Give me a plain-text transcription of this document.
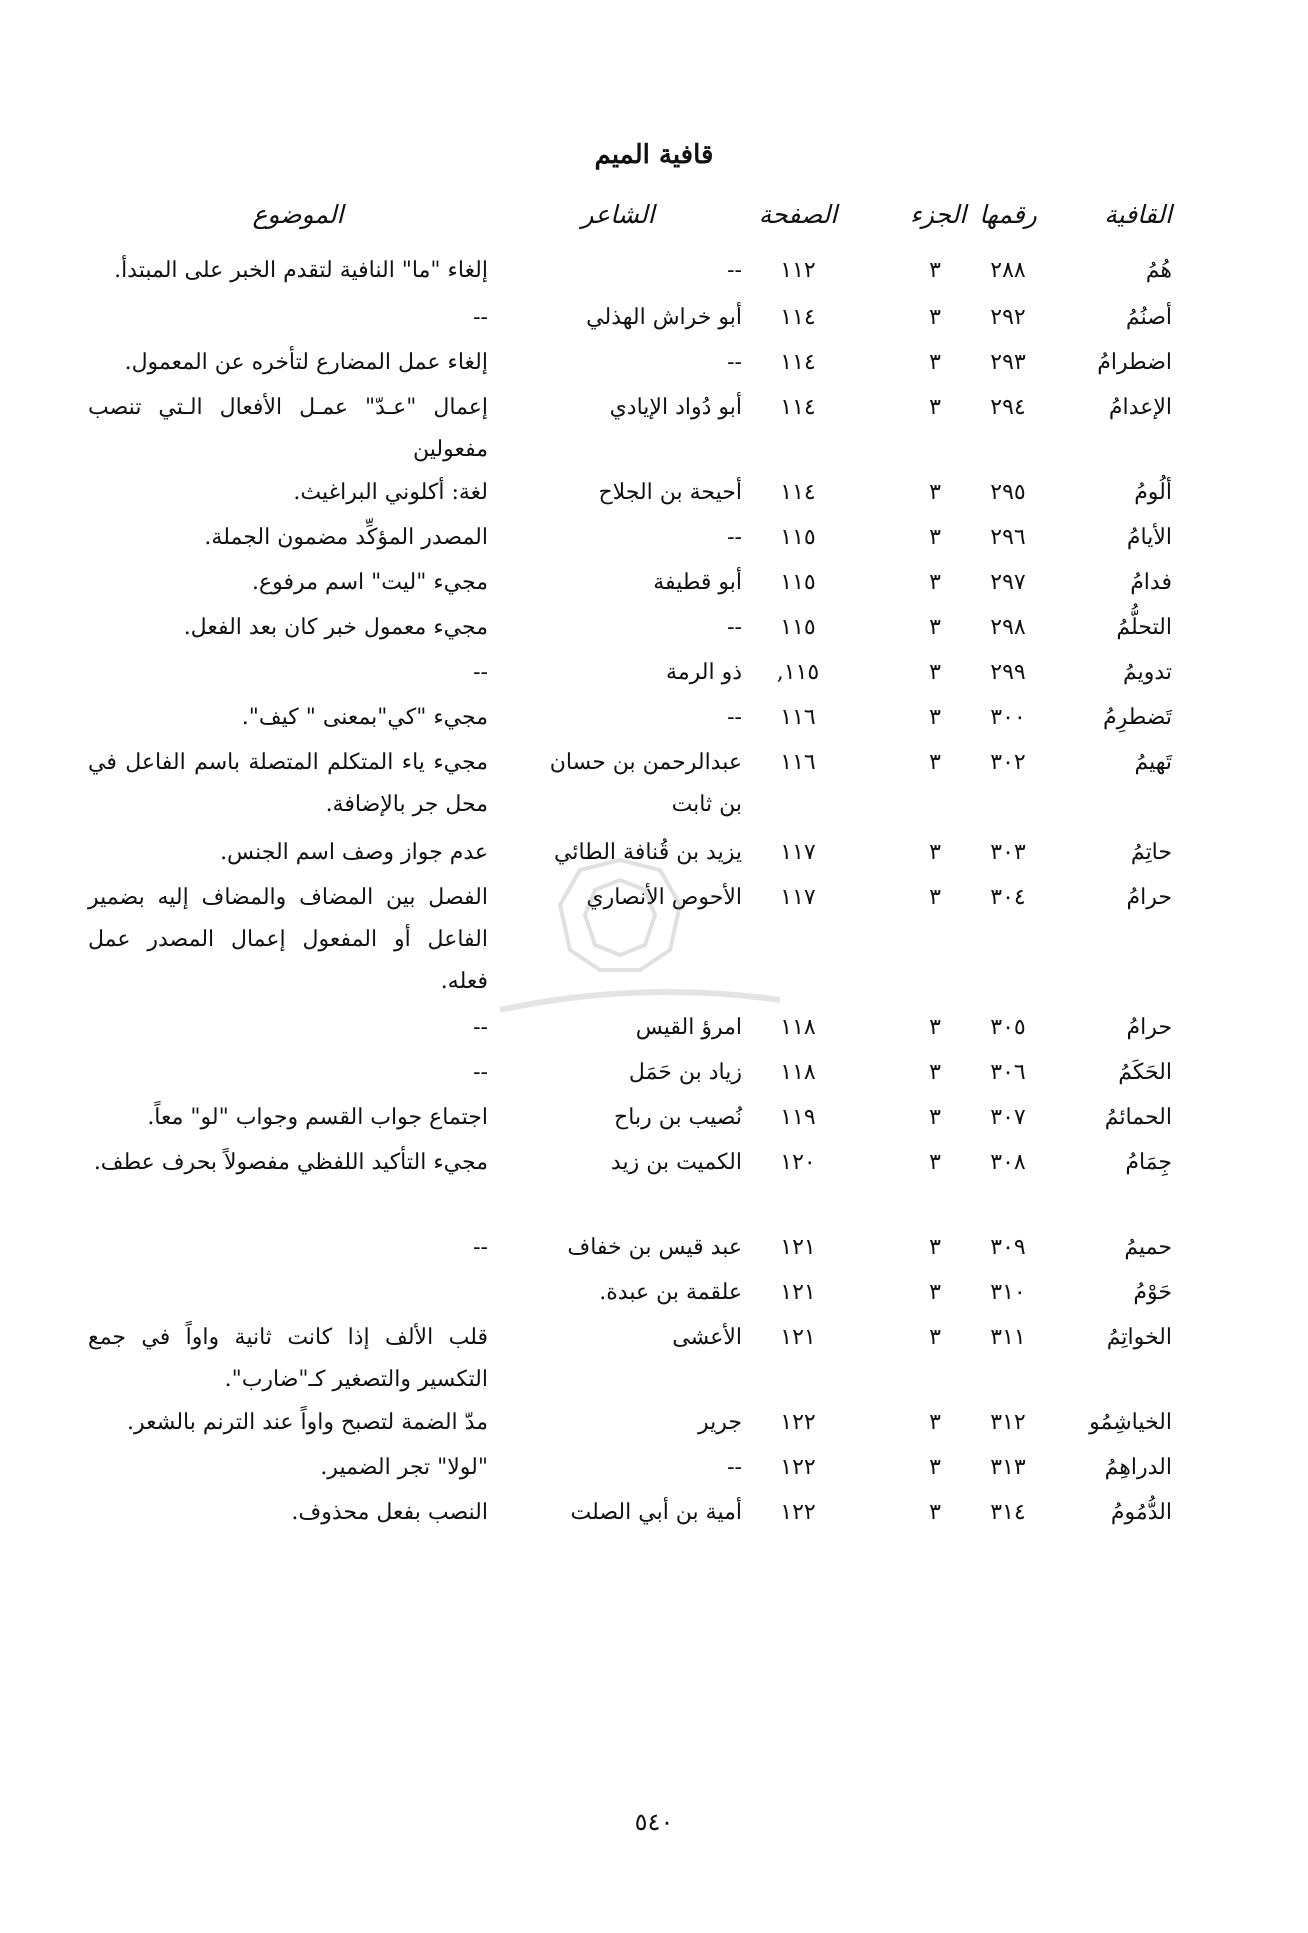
قافية الميم
القافية
رقمها
الجزء
الصفحة
الشاعر
الموضوع
هُمُ
٢٨٨
٣
١١٢
--
إلغاء "ما" النافية لتقدم الخبر على المبتدأ.
أصنُمُ
٢٩٢
٣
١١٤
أبو خراش الهذلي
--
اضطرامُ
٢٩٣
٣
١١٤
--
إلغاء عمل المضارع لتأخره عن المعمول.
الإعدامُ
٢٩٤
٣
١١٤
أبو دُواد الإيادي
إعمال "عـدّ" عمـل الأفعال الـتي تنصب مفعولين
ألُومُ
٢٩٥
٣
١١٤
أحيحة بن الجلاح
لغة: أكلوني البراغيث.
الأيامُ
٢٩٦
٣
١١٥
--
المصدر المؤكِّد مضمون الجملة.
فدامُ
٢٩٧
٣
١١٥
أبو قطيفة
مجيء "ليت" اسم مرفوع.
التحلُّمُ
٢٩٨
٣
١١٥
--
مجيء معمول خبر كان بعد الفعل.
تدويمُ
٢٩٩
٣
١١٥,
ذو الرمة
--
تَضطرِمُ
٣٠٠
٣
١١٦
--
مجيء "كي"بمعنى " كيف".
تَهيمُ
٣٠٢
٣
١١٦
عبدالرحمن بن حسان بن ثابت
مجيء ياء المتكلم المتصلة باسم الفاعل في محل جر بالإضافة.
حاتِمُ
٣٠٣
٣
١١٧
يزيد بن قُنافة الطائي
عدم جواز وصف اسم الجنس.
حرامُ
٣٠٤
٣
١١٧
الأحوص الأنصاري
الفصل بين المضاف والمضاف إليه بضمير الفاعل أو المفعول إعمال المصدر عمل فعله.
حرامُ
٣٠٥
٣
١١٨
امرؤ القيس
--
الحَكَمُ
٣٠٦
٣
١١٨
زياد بن حَمَل
--
الحمائمُ
٣٠٧
٣
١١٩
نُصيب بن رباح
اجتماع جواب القسم وجواب "لو" معاً.
جِمَامُ
٣٠٨
٣
١٢٠
الكميت بن زيد
مجيء التأكيد اللفظي مفصولاً بحرف عطف.
حميمُ
٣٠٩
٣
١٢١
عبد قيس بن خفاف
--
حَوْمُ
٣١٠
٣
١٢١
علقمة بن عبدة.
الخواتِمُ
٣١١
٣
١٢١
الأعشى
قلب الألف إذا كانت ثانية واواً في جمع التكسير والتصغير كـ"ضارب".
الخياشِمُو
٣١٢
٣
١٢٢
جرير
مدّ الضمة لتصبح واواً عند الترنم بالشعر.
الدراهِمُ
٣١٣
٣
١٢٢
--
"لولا" تجر الضمير.
الدُّمُومُ
٣١٤
٣
١٢٢
أمية بن أبي الصلت
النصب بفعل محذوف.
٥٤٠
